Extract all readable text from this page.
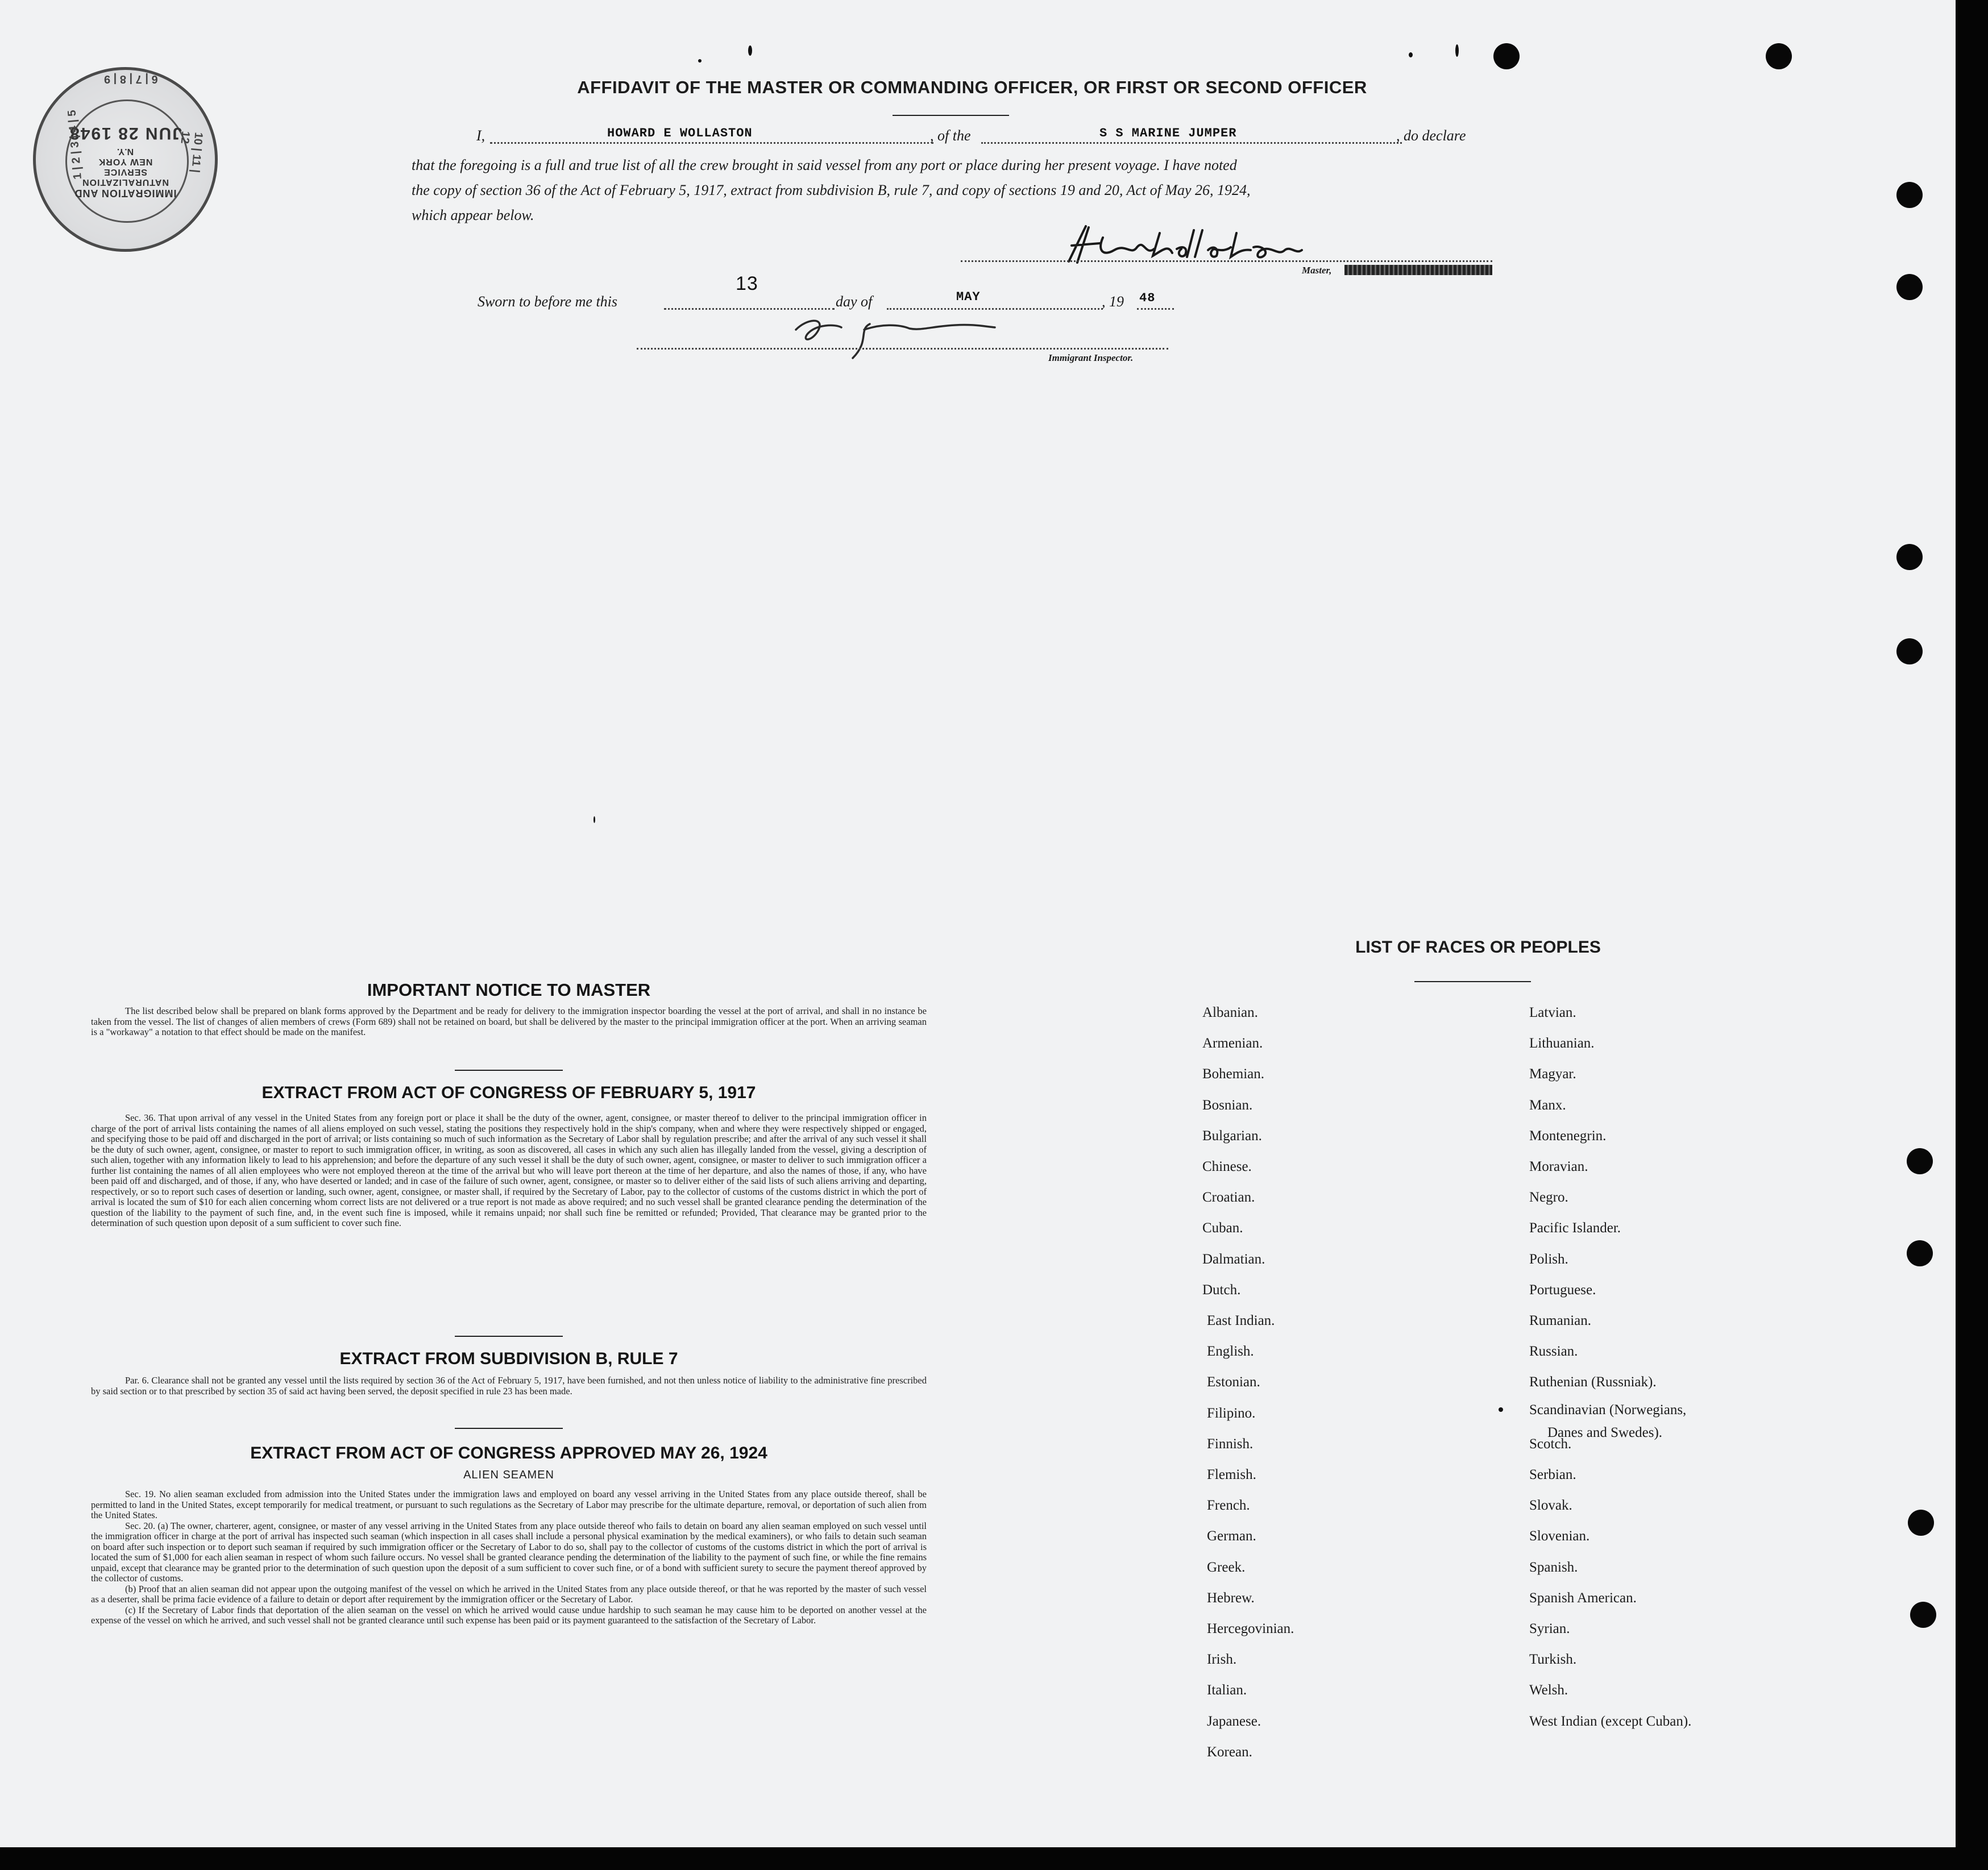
IMMIGRATION AND
NATURALIZATION
SERVICE
NEW YORK
N.Y.
JUN 28 1948
1 | 2 | 3 | 4 | 5
6 | 7 | 8 | 9
10 | 11 | 12
AFFIDAVIT OF THE MASTER OR COMMANDING OFFICER, OR FIRST OR SECOND OFFICER
I,	HOWARD E WOLLASTON	, of the	S S MARINE JUMPER	, do declare
that the foregoing is a full and true list of all the crew brought in said vessel from any port or place during her present voyage. I have noted
the copy of section 36 of the Act of February 5, 1917, extract from subdivision B, rule 7, and copy of sections 19 and 20, Act of May 26, 1924,
which appear below.
Master,
Sworn to before me this
13
day of	MAY	, 19 48
Immigrant Inspector.
IMPORTANT NOTICE TO MASTER

The list described below shall be prepared on blank forms approved by the Department and be ready for delivery to the immigration inspector boarding the vessel at the port of arrival, and shall in no instance be taken from the vessel. The list of changes of alien members of crews (Form 689) shall not be retained on board, but shall be delivered by the master to the principal immigration officer at the port. When an arriving seaman is a "workaway" a notation to that effect should be made on the manifest.

EXTRACT FROM ACT OF CONGRESS OF FEBRUARY 5, 1917

Sec. 36. That upon arrival of any vessel in the United States from any foreign port or place it shall be the duty of the owner, agent, consignee, or master thereof to deliver to the principal immigration officer in charge of the port of arrival lists containing the names of all aliens employed on such vessel, stating the positions they respectively hold in the ship's company, when and where they were respectively shipped or engaged, and specifying those to be paid off and discharged in the port of arrival; or lists containing so much of such information as the Secretary of Labor shall by regulation prescribe; and after the arrival of any such vessel it shall be the duty of such owner, agent, consignee, or master to report to such immigration officer, in writing, as soon as discovered, all cases in which any such alien has illegally landed from the vessel, giving a description of such alien, together with any information likely to lead to his apprehension; and before the departure of any such vessel it shall be the duty of such owner, agent, consignee, or master to deliver to such immigration officer a further list containing the names of all alien employees who were not employed thereon at the time of the arrival but who will leave port thereon at the time of her departure, and also the names of those, if any, who have been paid off and discharged, and of those, if any, who have deserted or landed; and in case of the failure of such owner, agent, consignee, or master so to deliver either of the said lists of such aliens arriving and departing, respectively, or so to report such cases of desertion or landing, such owner, agent, consignee, or master shall, if required by the Secretary of Labor, pay to the collector of customs of the customs district in which the port of arrival is located the sum of $10 for each alien concerning whom correct lists are not delivered or a true report is not made as above required; and no such vessel shall be granted clearance pending the determination of the question of the liability to the payment of such fine, and, in the event such fine is imposed, while it remains unpaid; nor shall such fine be remitted or refunded; Provided, That clearance may be granted prior to the determination of such question upon deposit of a sum sufficient to cover such fine.

EXTRACT FROM SUBDIVISION B, RULE 7

Par. 6. Clearance shall not be granted any vessel until the lists required by section 36 of the Act of February 5, 1917, have been furnished, and not then unless notice of liability to the administrative fine prescribed by said section or to that prescribed by section 35 of said act having been served, the deposit specified in rule 23 has been made.

EXTRACT FROM ACT OF CONGRESS APPROVED MAY 26, 1924
ALIEN SEAMEN

Sec. 19. No alien seaman excluded from admission into the United States under the immigration laws and employed on board any vessel arriving in the United States from any place outside thereof, shall be permitted to land in the United States, except temporarily for medical treatment, or pursuant to such regulations as the Secretary of Labor may prescribe for the ultimate departure, removal, or deportation of such alien from the United States.

Sec. 20. (a) The owner, charterer, agent, consignee, or master of any vessel arriving in the United States from any place outside thereof who fails to detain on board any alien seaman employed on such vessel until the immigration officer in charge at the port of arrival has inspected such seaman (which inspection in all cases shall include a personal physical examination by the medical examiners), or who fails to detain such seaman on board after such inspection or to deport such seaman if required by such immigration officer or the Secretary of Labor to do so, shall pay to the collector of customs of the customs district in which the port of arrival is located the sum of $1,000 for each alien seaman in respect of whom such failure occurs. No vessel shall be granted clearance pending the determination of the liability to the payment of such fine, or while the fine remains unpaid, except that clearance may be granted prior to the determination of such question upon the deposit of a sum sufficient to cover such fine, or of a bond with sufficient surety to secure the payment thereof approved by the collector of customs.

(b) Proof that an alien seaman did not appear upon the outgoing manifest of the vessel on which he arrived in the United States from any place outside thereof, or that he was reported by the master of such vessel as a deserter, shall be prima facie evidence of a failure to detain or deport after requirement by the immigration officer or the Secretary of Labor.

(c) If the Secretary of Labor finds that deportation of the alien seaman on the vessel on which he arrived would cause undue hardship to such seaman he may cause him to be deported on another vessel at the expense of the vessel on which he arrived, and such vessel shall not be granted clearance until such expense has been paid or its payment guaranteed to the satisfaction of the Secretary of Labor.

LIST OF RACES OR PEOPLES
Albanian.
Armenian.
Bohemian.
Bosnian.
Bulgarian.
Chinese.
Croatian.
Cuban.
Dalmatian.
Dutch.
East Indian.
English.
Estonian.
Filipino.
Finnish.
Flemish.
French.
German.
Greek.
Hebrew.
Hercegovinian.
Irish.
Italian.
Japanese.
Korean.
Latvian.
Lithuanian.
Magyar.
Manx.
Montenegrin.
Moravian.
Negro.
Pacific Islander.
Polish.
Portuguese.
Rumanian.
Russian.
Ruthenian (Russniak).
Scandinavian (Norwegians,
Danes and Swedes).
Scotch.
Serbian.
Slovak.
Slovenian.
Spanish.
Spanish American.
Syrian.
Turkish.
Welsh.
West Indian (except Cuban).
